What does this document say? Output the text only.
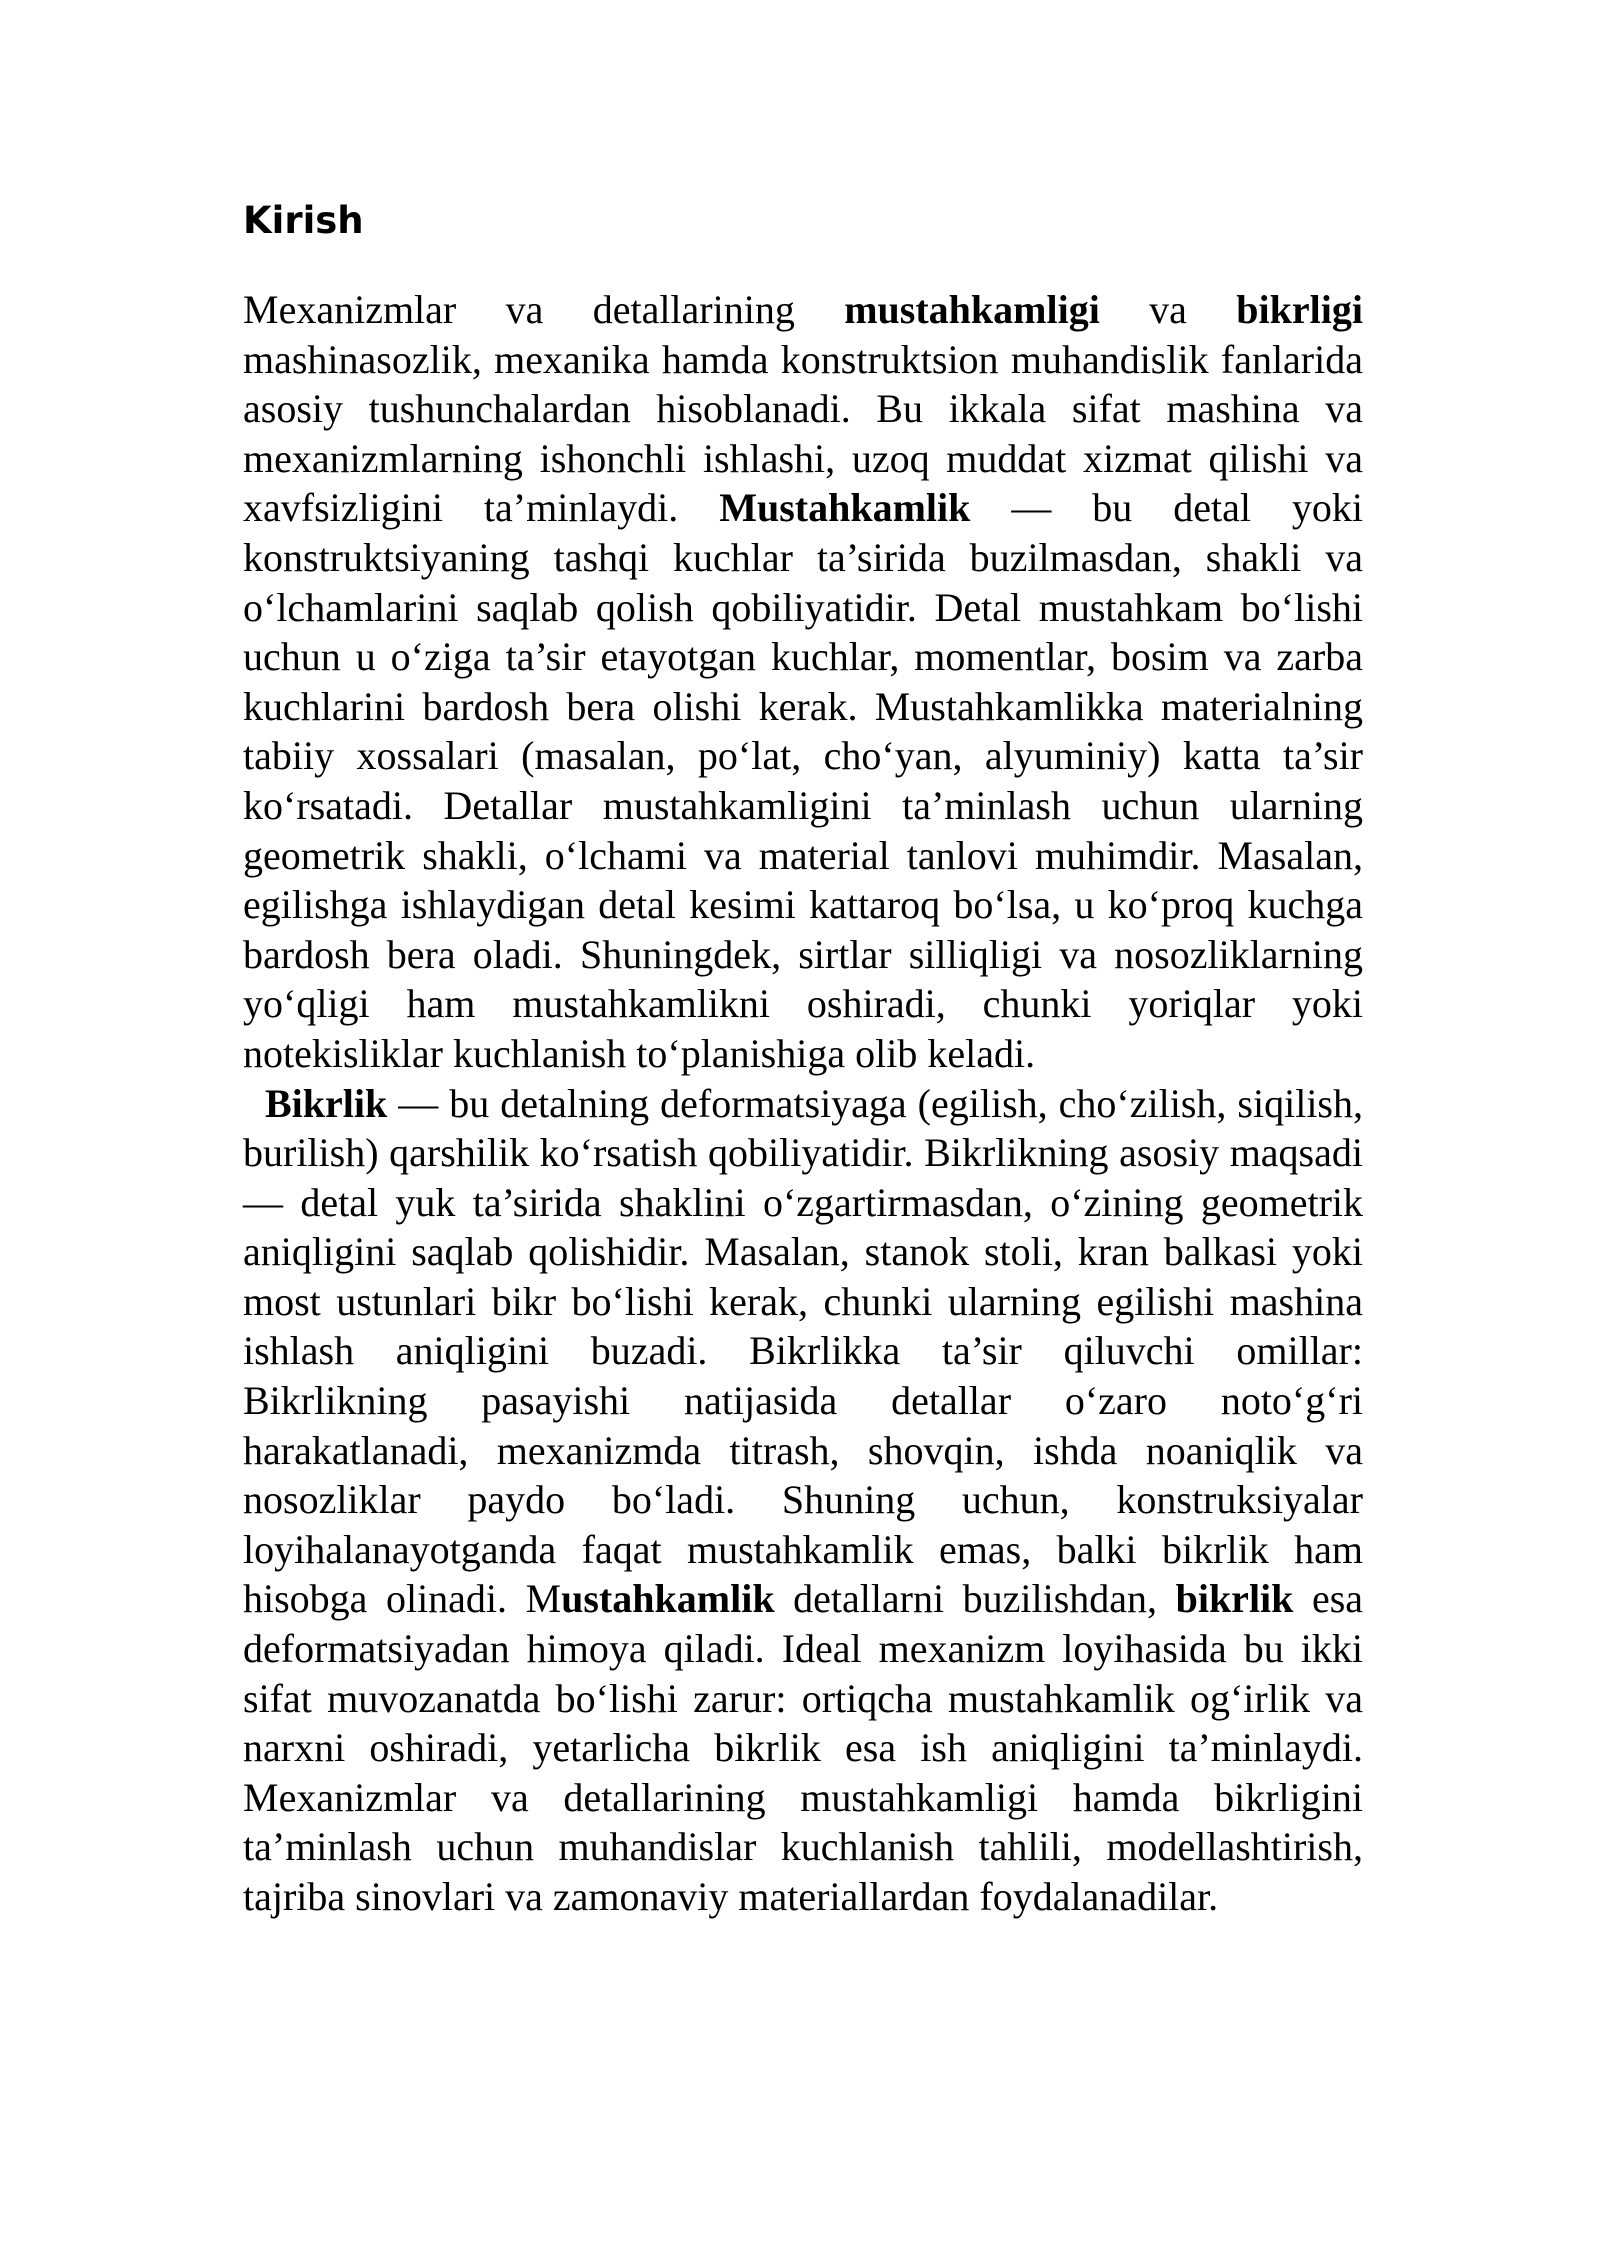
Kirish

Mexanizmlar va detallarining mustahkamligi va bikrligi mashinasozlik, mexanika hamda konstruktsion muhandislik fanlarida asosiy tushunchalardan hisoblanadi. Bu ikkala sifat mashina va mexanizmlarning ishonchli ishlashi, uzoq muddat xizmat qilishi va xavfsizligini ta’minlaydi. Mustahkamlik — bu detal yoki konstruktsiyaning tashqi kuchlar ta’sirida buzilmasdan, shakli va o‘lchamlarini saqlab qolish qobiliyatidir. Detal mustahkam bo‘lishi uchun u o‘ziga ta’sir etayotgan kuchlar, momentlar, bosim va zarba kuchlarini bardosh bera olishi kerak. Mustahkamlikka materialning tabiiy xossalari (masalan, po‘lat, cho‘yan, alyuminiy) katta ta’sir ko‘rsatadi. Detallar mustahkamligini ta’minlash uchun ularning geometrik shakli, o‘lchami va material tanlovi muhimdir. Masalan, egilishga ishlaydigan detal kesimi kattaroq bo‘lsa, u ko‘proq kuchga bardosh bera oladi. Shuningdek, sirtlar silliqligi va nosozliklarning yo‘qligi ham mustahkamlikni oshiradi, chunki yoriqlar yoki notekisliklar kuchlanish to‘planishiga olib keladi.
Bikrlik — bu detalning deformatsiyaga (egilish, cho‘zilish, siqilish, burilish) qarshilik ko‘rsatish qobiliyatidir. Bikrlikning asosiy maqsadi — detal yuk ta’sirida shaklini o‘zgartirmasdan, o‘zining geometrik aniqligini saqlab qolishidir. Masalan, stanok stoli, kran balkasi yoki most ustunlari bikr bo‘lishi kerak, chunki ularning egilishi mashina ishlash aniqligini buzadi. Bikrlikka ta’sir qiluvchi omillar: Bikrlikning pasayishi natijasida detallar o‘zaro noto‘g‘ri harakatlanadi, mexanizmda titrash, shovqin, ishda noaniqlik va nosozliklar paydo bo‘ladi. Shuning uchun, konstruksiyalar loyihalanayotganda faqat mustahkamlik emas, balki bikrlik ham hisobga olinadi. Mustahkamlik detallarni buzilishdan, bikrlik esa deformatsiyadan himoya qiladi. Ideal mexanizm loyihasida bu ikki sifat muvozanatda bo‘lishi zarur: ortiqcha mustahkamlik og‘irlik va narxni oshiradi, yetarlicha bikrlik esa ish aniqligini ta’minlaydi. Mexanizmlar va detallarining mustahkamligi hamda bikrligini ta’minlash uchun muhandislar kuchlanish tahlili, modellashtirish, tajriba sinovlari va zamonaviy materiallardan foydalanadilar.
